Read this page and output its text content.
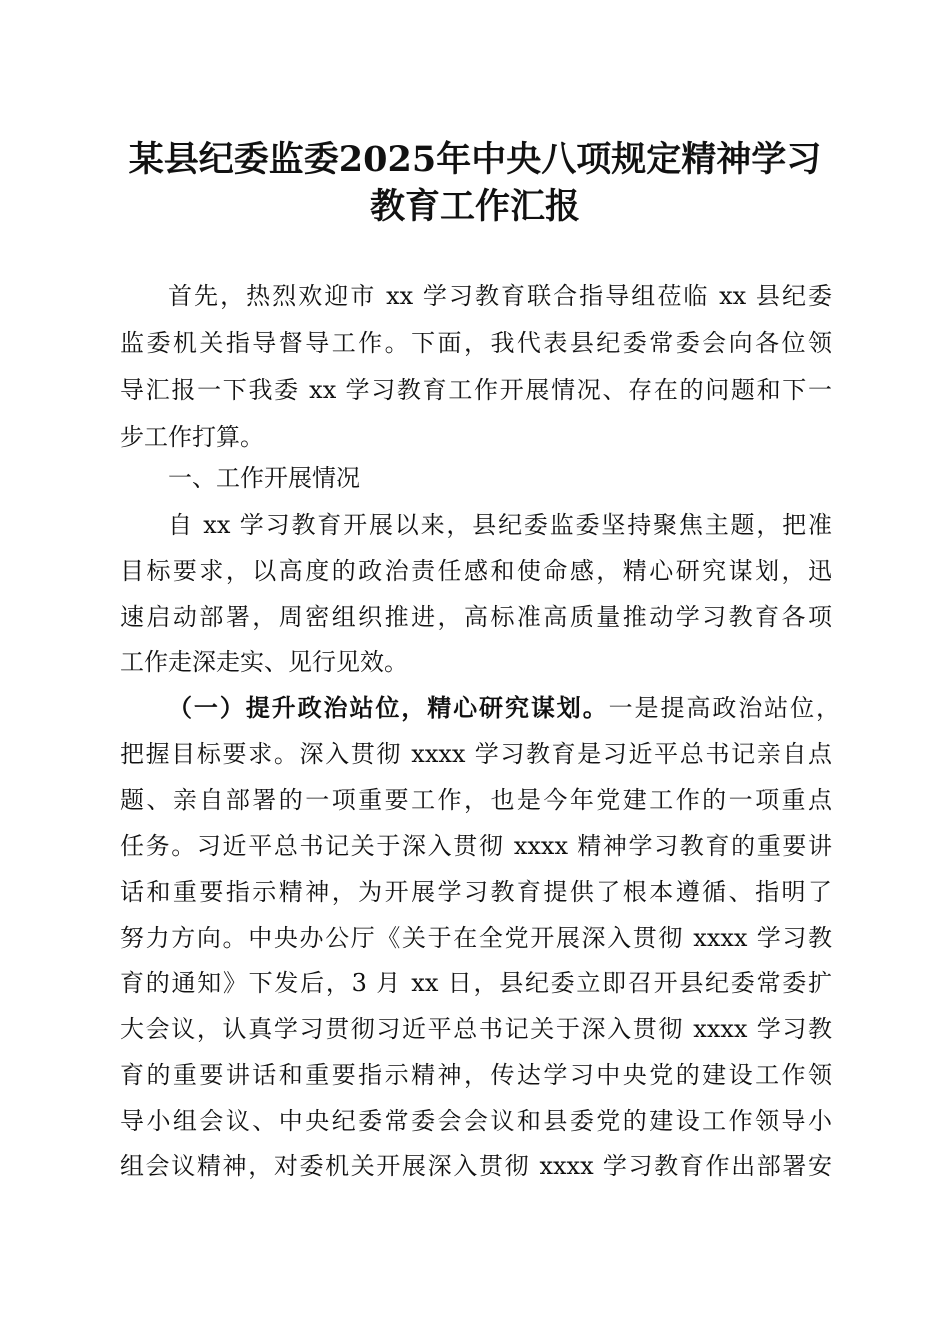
某县纪委监委2025年中央八项规定精神学习
教育工作汇报
首先，热烈欢迎市 xx 学习教育联合指导组莅临 xx 县纪委
监委机关指导督导工作。下面，我代表县纪委常委会向各位领
导汇报一下我委 xx 学习教育工作开展情况、存在的问题和下一
步工作打算。
一、工作开展情况
自 xx 学习教育开展以来，县纪委监委坚持聚焦主题，把准
目标要求，以高度的政治责任感和使命感，精心研究谋划，迅
速启动部署，周密组织推进，高标准高质量推动学习教育各项
工作走深走实、见行见效。
（一）提升政治站位，精心研究谋划。一是提高政治站位，
把握目标要求。深入贯彻 xxxx 学习教育是习近平总书记亲自点
题、亲自部署的一项重要工作，也是今年党建工作的一项重点
任务。习近平总书记关于深入贯彻 xxxx 精神学习教育的重要讲
话和重要指示精神，为开展学习教育提供了根本遵循、指明了
努力方向。中央办公厅《关于在全党开展深入贯彻 xxxx 学习教
育的通知》下发后，3 月 xx 日，县纪委立即召开县纪委常委扩
大会议，认真学习贯彻习近平总书记关于深入贯彻 xxxx 学习教
育的重要讲话和重要指示精神，传达学习中央党的建设工作领
导小组会议、中央纪委常委会会议和县委党的建设工作领导小
组会议精神，对委机关开展深入贯彻 xxxx 学习教育作出部署安
